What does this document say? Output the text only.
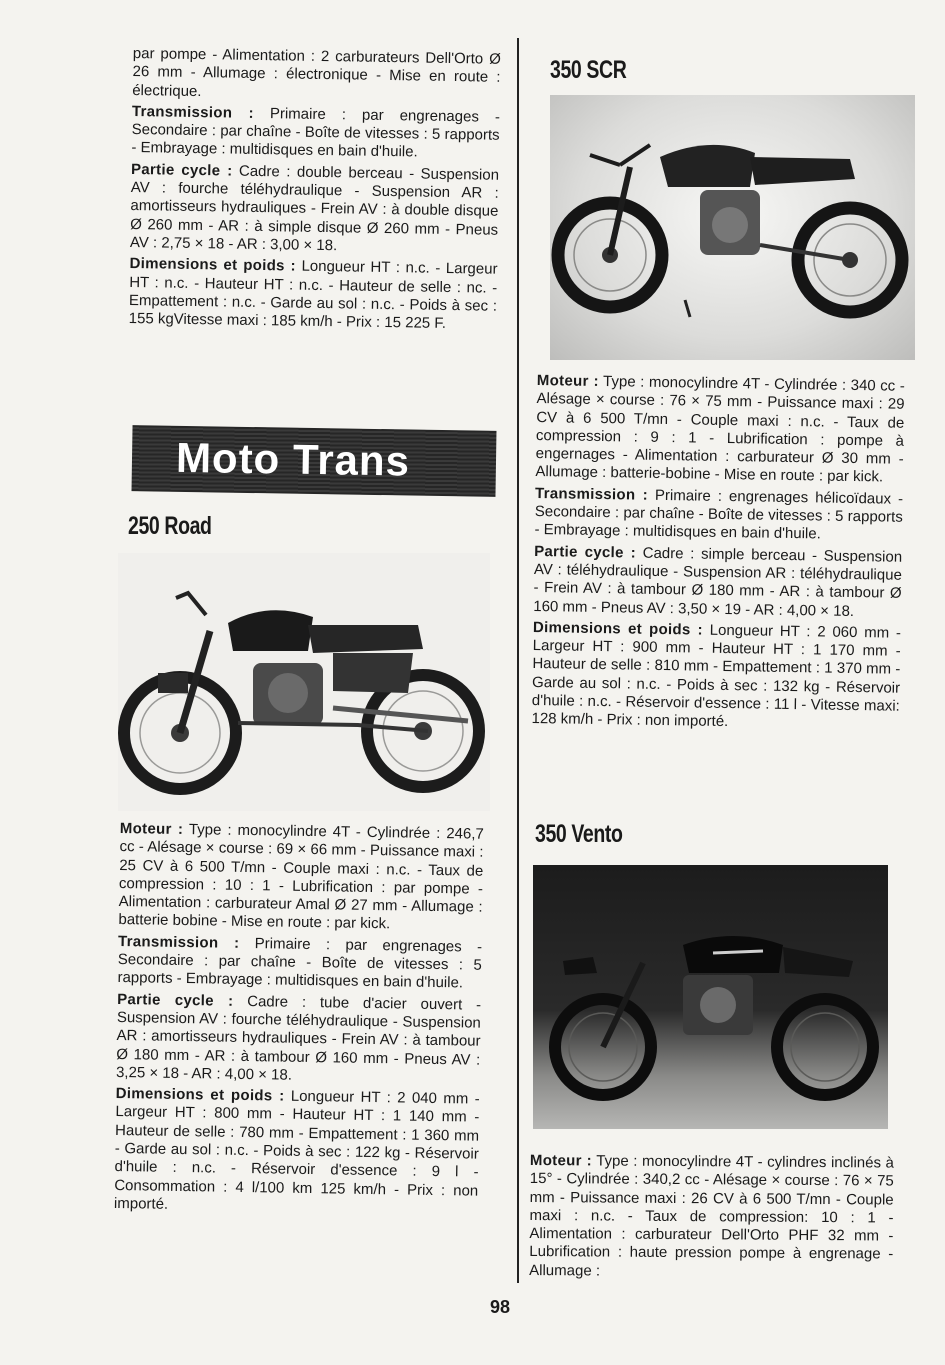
par pompe - Alimentation : 2 carburateurs Dell'Orto Ø 26 mm - Allumage : électronique - Mise en route : électrique.

Transmission : Primaire : par engrenages - Secondaire : par chaîne - Boîte de vitesses : 5 rapports - Embrayage : multidisques en bain d'huile.

Partie cycle : Cadre : double berceau - Suspension AV : fourche téléhydraulique - Suspension AR : amortisseurs hydrauliques - Frein AV : à double disque Ø 260 mm - AR : à simple disque Ø 260 mm - Pneus AV : 2,75 × 18 - AR : 3,00 × 18.

Dimensions et poids : Longueur HT : n.c. - Largeur HT : n.c. - Hauteur HT : n.c. - Hauteur de selle : nc. - Empattement : n.c. - Garde au sol : n.c. - Poids à sec : 155 kgVitesse maxi : 185 km/h - Prix : 15 225 F.

Moto Trans
250 Road

Moteur : Type : monocylindre 4T - Cylindrée : 246,7 cc - Alésage × course : 69 × 66 mm - Puissance maxi : 25 CV à 6 500 T/mn - Couple maxi : n.c. - Taux de compression : 10 : 1 - Lubrification : par pompe - Alimentation : carburateur Amal Ø 27 mm - Allumage : batterie bobine - Mise en route : par kick.

Transmission : Primaire : par engrenages - Secondaire : par chaîne - Boîte de vitesses : 5 rapports - Embrayage : multidisques en bain d'huile.

Partie cycle : Cadre : tube d'acier ouvert - Suspension AV : fourche téléhydraulique - Suspension AR : amortisseurs hydrauliques - Frein AV : à tambour Ø 180 mm - AR : à tambour Ø 160 mm - Pneus AV : 3,25 × 18 - AR : 4,00 × 18.

Dimensions et poids : Longueur HT : 2 040 mm - Largeur HT : 800 mm - Hauteur HT : 1 140 mm - Hauteur de selle : 780 mm - Empattement : 1 360 mm - Garde au sol : n.c. - Poids à sec : 122 kg - Réservoir d'huile : n.c. - Réservoir d'essence : 9 l - Consommation : 4 l/100 km 125 km/h - Prix : non importé.

350 SCR

Moteur : Type : monocylindre 4T - Cylindrée : 340 cc - Alésage × course : 76 × 75 mm - Puissance maxi : 29 CV à 6 500 T/mn - Couple maxi : n.c. - Taux de compression : 9 : 1 - Lubrification : pompe à engernages - Alimentation : carburateur Ø 30 mm - Allumage : batterie-bobine - Mise en route : par kick.

Transmission : Primaire : engrenages hélicoïdaux - Secondaire : par chaîne - Boîte de vitesses : 5 rapports - Embrayage : multidisques en bain d'huile.

Partie cycle : Cadre : simple berceau - Suspension AV : téléhydraulique - Suspension AR : téléhydraulique - Frein AV : à tambour Ø 180 mm - AR : à tambour Ø 160 mm - Pneus AV : 3,50 × 19 - AR : 4,00 × 18.

Dimensions et poids : Longueur HT : 2 060 mm - Largeur HT : 900 mm - Hauteur HT : 1 170 mm - Hauteur de selle : 810 mm - Empattement : 1 370 mm - Garde au sol : n.c. - Poids à sec : 132 kg - Réservoir d'huile : n.c. - Réservoir d'essence : 11 l - Vitesse maxi: 128 km/h - Prix : non importé.

350 Vento

Moteur : Type : monocylindre 4T - cylindres inclinés à 15° - Cylindrée : 340,2 cc - Alésage × course : 76 × 75 mm - Puissance maxi : 26 CV à 6 500 T/mn - Couple maxi : n.c. - Taux de compression: 10 : 1 - Alimentation : carburateur Dell'Orto PHF 32 mm - Lubrification : haute pression pompe à engrenage - Allumage :

98
